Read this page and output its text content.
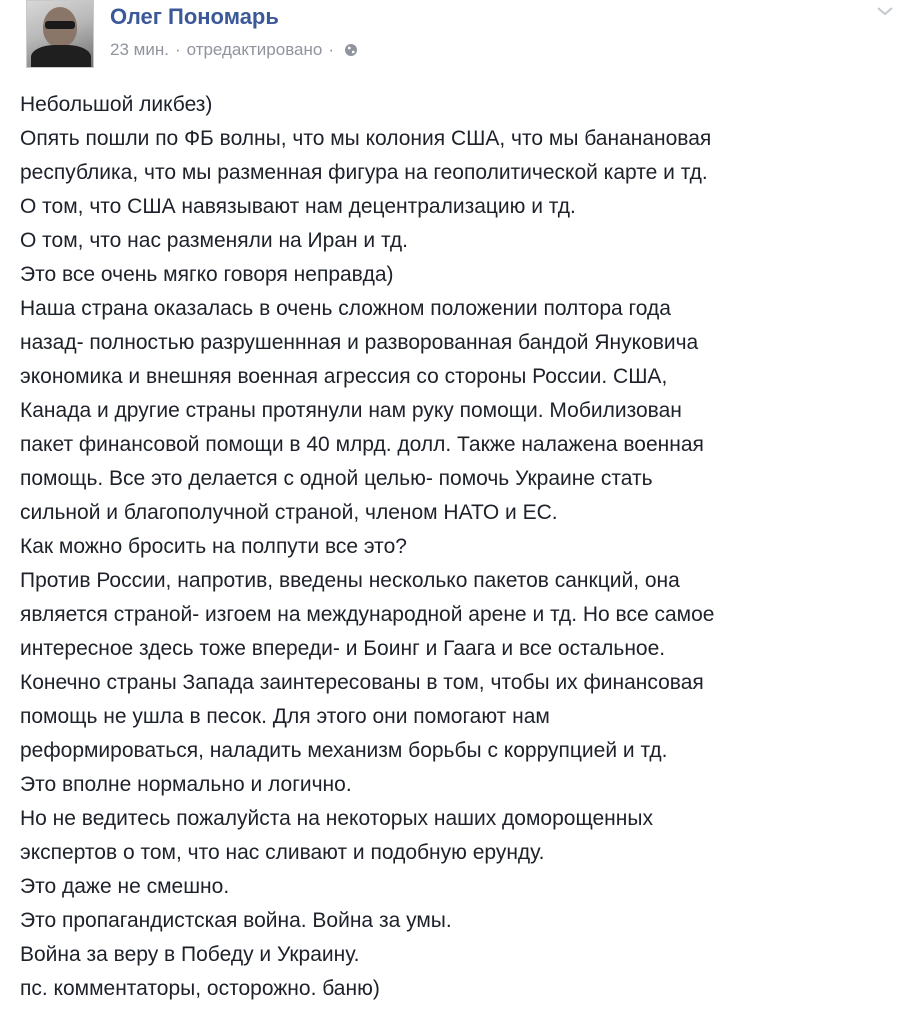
Олег Пономарь
23 мин. · отредактировано ·
Небольшой ликбез)
Опять пошли по ФБ волны, что мы колония США, что мы бананановая
республика, что мы разменная фигура на геополитической карте и тд.
О том, что США навязывают нам децентрализацию и тд.
О том, что нас разменяли на Иран и тд.
Это все очень мягко говоря неправда)
Наша страна оказалась в очень сложном положении полтора года
назад- полностью разрушеннная и разворованная бандой Януковича
экономика и внешняя военная агрессия со стороны России. США,
Канада и другие страны протянули нам руку помощи. Мобилизован
пакет финансовой помощи в 40 млрд. долл. Также налажена военная
помощь. Все это делается с одной целью- помочь Украине стать
сильной и благополучной страной, членом НАТО и ЕС.
Как можно бросить на полпути все это?
Против России, напротив, введены несколько пакетов санкций, она
является страной- изгоем на международной арене и тд. Но все самое
интересное здесь тоже впереди- и Боинг и Гаага и все остальное.
Конечно страны Запада заинтересованы в том, чтобы их финансовая
помощь не ушла в песок. Для этого они помогают нам
реформироваться, наладить механизм борьбы с коррупцией и тд.
Это вполне нормально и логично.
Но не ведитесь пожалуйста на некоторых наших доморощенных
экспертов о том, что нас сливают и подобную ерунду.
Это даже не смешно.
Это пропагандистская война. Война за умы.
Война за веру в Победу и Украину.
пс. комментаторы, осторожно. баню)
